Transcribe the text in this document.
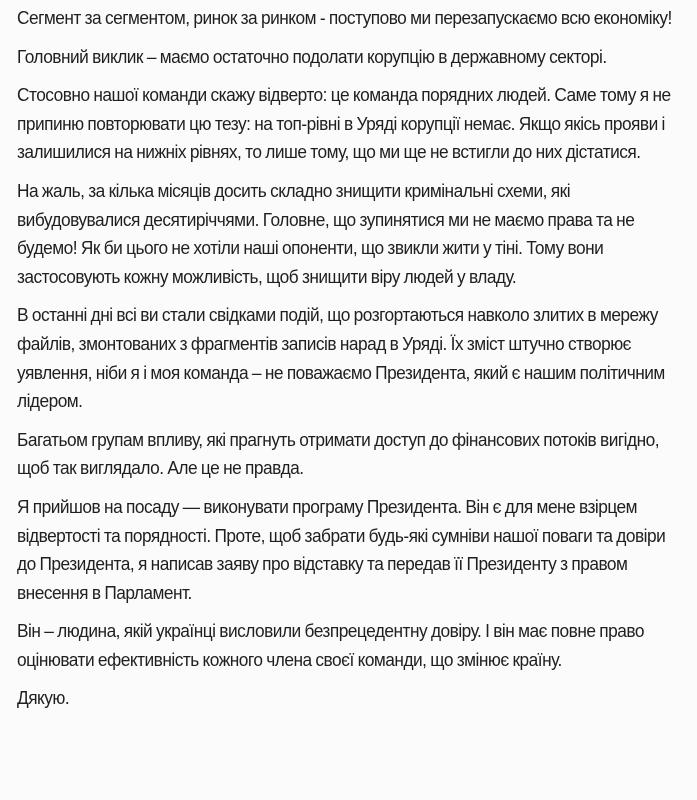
Сегмент за сегментом, ринок за ринком - поступово ми перезапускаємо всю економіку!

Головний виклик – маємо остаточно подолати корупцію в державному секторі.

Стосовно нашої команди скажу відверто: це команда порядних людей. Саме тому я не припиню повторювати цю тезу: на топ-рівні в Уряді корупції немає. Якщо якісь прояви і залишилися на нижніх рівнях, то лише тому, що ми ще не встигли до них дістатися.

На жаль, за кілька місяців досить складно знищити кримінальні схеми, які вибудовувалися десятиріччями. Головне, що зупинятися ми не маємо права та не будемо! Як би цього не хотіли наші опоненти, що звикли жити у тіні. Тому вони застосовують кожну можливість, щоб знищити віру людей у владу.

В останні дні всі ви стали свідками подій, що розгортаються навколо злитих в мережу файлів, змонтованих з фрагментів записів нарад в Уряді. Їх зміст штучно створює уявлення, ніби я і моя команда – не поважаємо Президента, який є нашим політичним лідером.

Багатьом групам впливу, які прагнуть отримати доступ до фінансових потоків вигідно, щоб так виглядало. Але це не правда.

Я прийшов на посаду — виконувати програму Президента. Він є для мене взірцем відвертості та порядності. Проте, щоб забрати будь-які сумніви нашої поваги та довіри до Президента, я написав заяву про відставку та передав її Президенту з правом внесення в Парламент.

Він – людина, якій українці висловили безпрецедентну довіру. І він має повне право оцінювати ефективність кожного члена своєї команди, що змінює країну.

Дякую.
